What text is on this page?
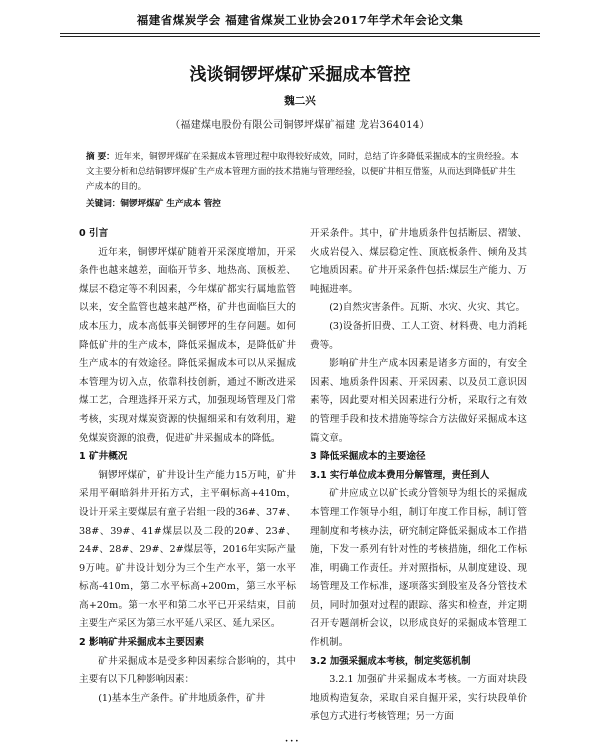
福建省煤炭学会 福建省煤炭工业协会2017年学术年会论文集
浅谈铜锣坪煤矿采掘成本管控
魏二兴
（福建煤电股份有限公司铜锣坪煤矿福建 龙岩364014）
摘 要：近年来，铜锣坪煤矿在采掘成本管理过程中取得较好成效，同时，总结了许多降低采掘成本的宝贵经验。本文主要分析和总结铜锣坪煤矿生产成本管理方面的技术措施与管理经验，以便矿井相互借鉴，从而达到降低矿井生产成本的目的。
关键词：铜锣坪煤矿 生产成本 管控
0 引言

近年来，铜锣坪煤矿随着开采深度增加，开采条件也越来越差，面临开节多、地热高、顶板差、煤层不稳定等不利因素，今年煤矿都实行属地监管以来，安全监管也越来越严格，矿井也面临巨大的成本压力，成本高低事关铜锣坪的生存问题。如何降低矿井的生产成本，降低采掘成本，是降低矿井生产成本的有效途径。降低采掘成本可以从采掘成本管理为切入点，依靠科技创新，通过不断改进采煤工艺，合理选择开采方式，加强现场管理及门常考核，实现对煤炭资源的快掘细采和有效利用，避免煤炭资源的浪费，促进矿井采掘成本的降低。

1 矿井概况

铜锣坪煤矿，矿井设计生产能力15万吨，矿井采用平硐暗斜井开拓方式，主平硐标高+410m，设计开采主要煤层有童子岩组一段的36#、37#、38#、39#、41#煤层以及二段的20#、23#、24#、28#、29#、2#煤层等，2016年实际产量9万吨。矿井设计划分为三个生产水平，第一水平标高-410m，第二水平标高+200m，第三水平标高+20m。第一水平和第二水平已开采结束，目前主要生产采区为第三水平延八采区、延九采区。

2 影响矿井采掘成本主要因素

矿井采掘成本是受多种因素综合影响的，其中主要有以下几种影响因素：

(1)基本生产条件。矿井地质条件，矿井

开采条件。其中，矿井地质条件包括断层、褶皱、火成岩侵入、煤层稳定性、顶底板条件、倾角及其它地质因素。矿井开采条件包括:煤层生产能力、万吨掘进率。

(2)自然灾害条件。瓦斯、水灾、火灾、其它。

(3)设备折旧费、工人工资、材料费、电力消耗费等。

影响矿井生产成本因素是诸多方面的，有安全因素、地质条件因素、开采因素、以及员工意识因素等，因此要对相关因素进行分析，采取行之有效的管理手段和技术措施等综合方法做好采掘成本这篇文章。

3 降低采掘成本的主要途径
3.1 实行单位成本费用分解管理，责任到人

矿井应成立以矿长或分管领导为组长的采掘成本管理工作领导小组，制订年度工作目标，制订管理制度和考核办法，研究制定降低采掘成本工作措施，下发一系列有针对性的考核措施，细化工作标准，明确工作责任。并对照指标，从制度建设、现场管理及工作标准，逐项落实到股室及各分管技术员，同时加强对过程的跟踪、落实和检查，并定期召开专题剖析会议，以形成良好的采掘成本管理工作机制。

3.2 加强采掘成本考核，制定奖惩机制

3.2.1 加强矿井采掘成本考核。一方面对块段地质构造复杂，采取自采自掘开采，实行块段单价承包方式进行考核管理；另一方面

···
